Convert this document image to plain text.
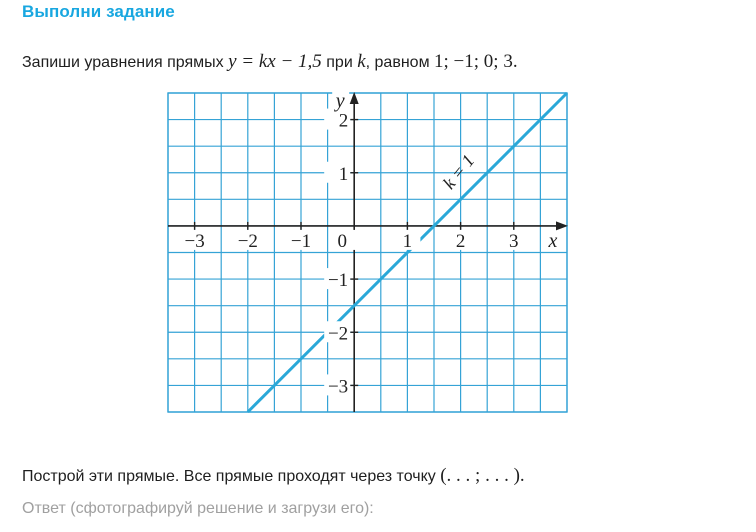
Выполни задание
Запиши уравнения прямых y = kx − 1,5 при k, равном 1; −1; 0; 3.
k = 1
−3 −2 −1 0	1 2 3
−3
−2
−1
1
2
y
x
Построй эти прямые. Все прямые проходят через точку (. . . ; . . . ).
Ответ (сфотографируй решение и загрузи его):
